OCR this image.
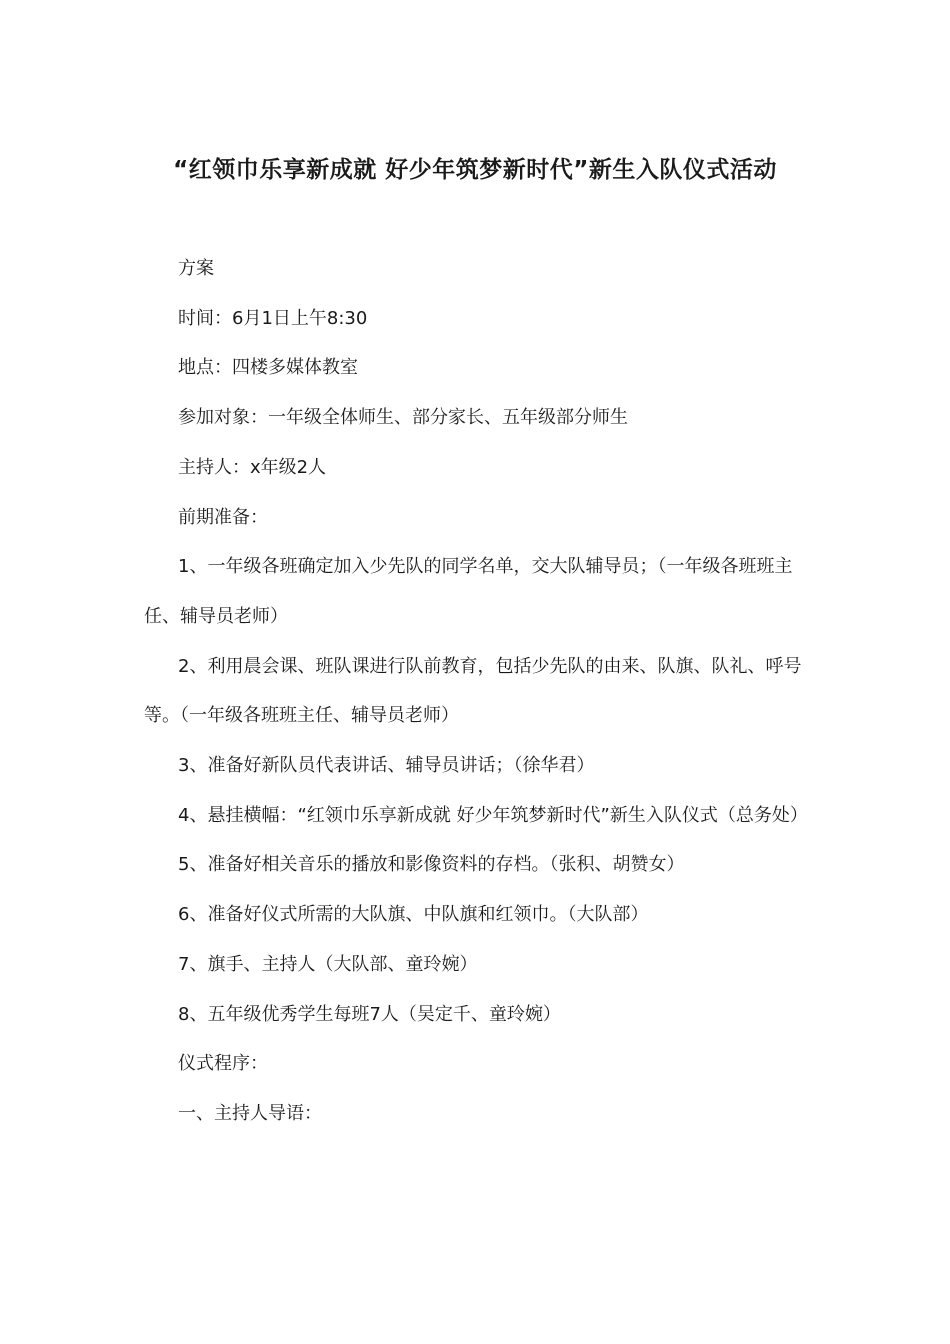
“红领巾乐享新成就 好少年筑梦新时代”新生入队仪式活动

方案

时间：6月1日上午8:30

地点：四楼多媒体教室

参加对象：一年级全体师生、部分家长、五年级部分师生

主持人：x年级2人

前期准备：

1、一年级各班确定加入少先队的同学名单，交大队辅导员；（一年级各班班主任、辅导员老师）

2、利用晨会课、班队课进行队前教育，包括少先队的由来、队旗、队礼、呼号等。（一年级各班班主任、辅导员老师）

3、准备好新队员代表讲话、辅导员讲话；（徐华君）

4、悬挂横幅：“红领巾乐享新成就 好少年筑梦新时代”新生入队仪式（总务处）

5、准备好相关音乐的播放和影像资料的存档。（张积、胡赞女）

6、准备好仪式所需的大队旗、中队旗和红领巾。（大队部）

7、旗手、主持人（大队部、童玲婉）

8、五年级优秀学生每班7人（吴定千、童玲婉）

仪式程序：

一、主持人导语：
